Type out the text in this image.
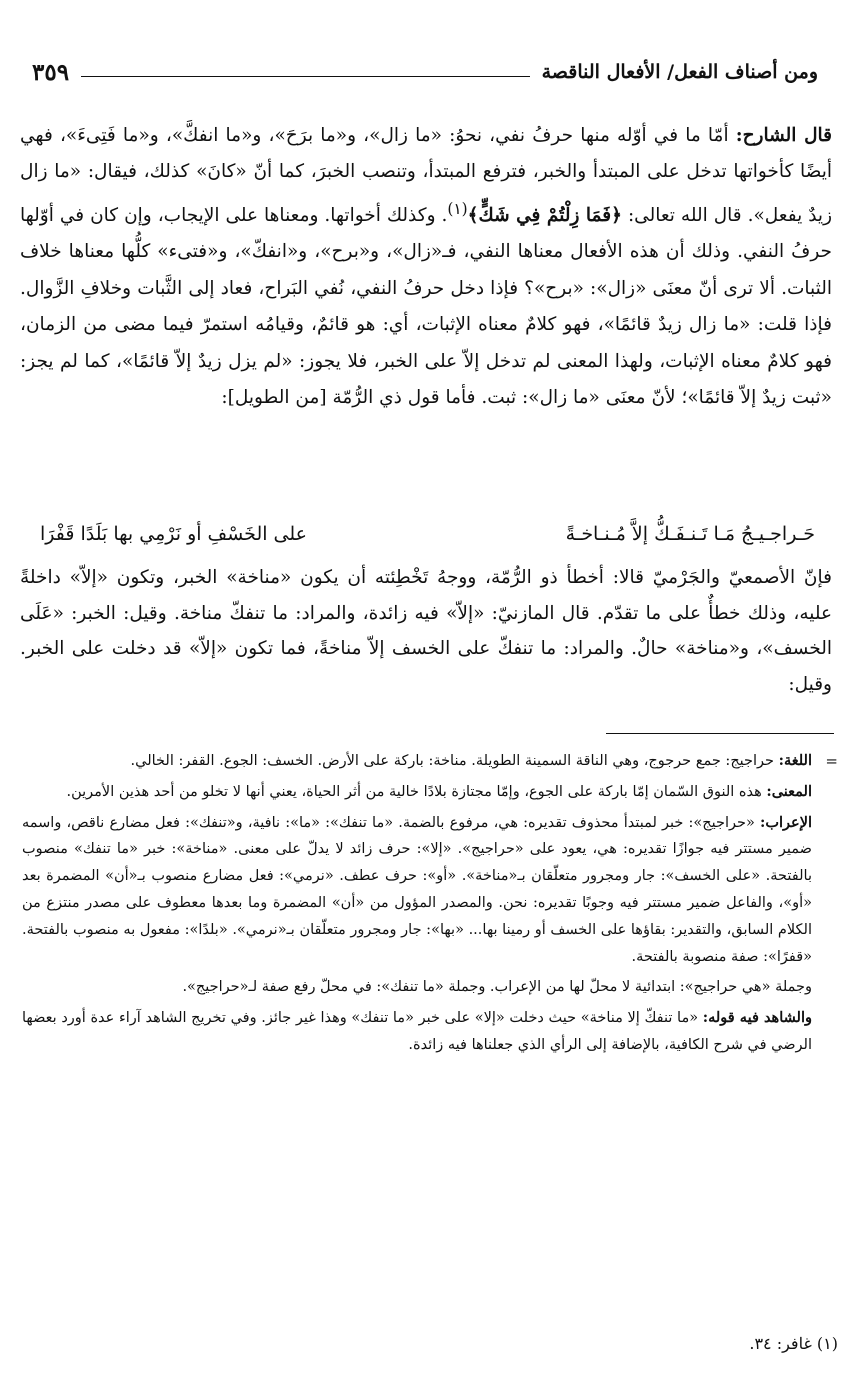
ومن أصناف الفعل/ الأفعال الناقصة
٣٥٩

قال الشارح: أمّا ما في أوّله منها حرفُ نفي، نحوُ: «ما زال»، و«ما برَحَ»، و«ما انفكَّ»، و«ما فَتِىءَ»، فهي أيضًا كأخواتها تدخل على المبتدأ والخبر، فترفع المبتدأ، وتنصب الخبرَ، كما أنّ «كانَ» كذلك، فيقال: «ما زال زيدٌ يفعل». قال الله تعالى: ﴿فَمَا زِلْتُمْ فِي شَكٍّ﴾$^{(١)}$. وكذلك أخواتها. ومعناها على الإيجاب، وإن كان في أوّلها حرفُ النفي. وذلك أن هذه الأفعال معناها النفي، فـ«زال»، و«برح»، و«انفكّ»، و«فتىء» كلُّها معناها خلاف الثبات. ألا ترى أنّ معنَى «زال»: «برح»؟ فإذا دخل حرفُ النفي، نُفي البَراح، فعاد إلى الثَّبات وخلافِ الزَّوال. فإذا قلت: «ما زال زيدٌ قائمًا»، فهو كلامٌ معناه الإثبات، أي: هو قائمٌ، وقيامُه استمرّ فيما مضى من الزمان، فهو كلامٌ معناه الإثبات، ولهذا المعنى لم تدخل إلاّ على الخبر، فلا يجوز: «لم يزل زيدٌ إلاّ قائمًا»، كما لم يجز: «ثبت زيدٌ إلاّ قائمًا»؛ لأنّ معنَى «ما زال»: ثبت. فأما قول ذي الرُّمّة [من الطويل]:

حَـراجـيـجُ مَـا تَـنـفَـكُّ إلاَّ مُـنـاخـةً
على الخَسْفِ أو نَرْمِي بها بَلَدًا قَفْرَا

فإنّ الأصمعيّ والجَرْميّ قالا: أخطأ ذو الرُّمّة، ووجهُ تَخْطِئته أن يكون «مناخة» الخبر، وتكون «إلاّ» داخلةً عليه، وذلك خطأٌ على ما تقدّم. قال المازنيّ: «إلاّ» فيه زائدة، والمراد: ما تنفكّ مناخة. وقيل: الخبر: «عَلَى الخسف»، و«مناخة» حالٌ. والمراد: ما تنفكّ على الخسف إلاّ مناخةً، فما تكون «إلاّ» قد دخلت على الخبر. وقيل:

=

اللغة: حراجيج: جمع حرجوج، وهي الناقة السمينة الطويلة. مناخة: باركة على الأرض. الخسف: الجوع. القفر: الخالي.

المعنى: هذه النوق السّمان إمّا باركة على الجوع، وإمّا مجتازة بلادًا خالية من أثر الحياة، يعني أنها لا تخلو من أحد هذين الأمرين.

الإعراب: «حراجيج»: خبر لمبتدأ محذوف تقديره: هي، مرفوع بالضمة. «ما تنفك»: «ما»: نافية، و«تنفك»: فعل مضارع ناقص، واسمه ضمير مستتر فيه جوازًا تقديره: هي، يعود على «حراجيج». «إلا»: حرف زائد لا يدلّ على معنى. «مناخة»: خبر «ما تنفك» منصوب بالفتحة. «على الخسف»: جار ومجرور متعلّقان بـ«مناخة». «أو»: حرف عطف. «نرمي»: فعل مضارع منصوب بـ«أن» المضمرة بعد «أو»، والفاعل ضمير مستتر فيه وجوبًا تقديره: نحن. والمصدر المؤول من «أن» المضمرة وما بعدها معطوف على مصدر منتزع من الكلام السابق، والتقدير: بقاؤها على الخسف أو رمينا بها... «بها»: جار ومجرور متعلّقان بـ«نرمي». «بلدًا»: مفعول به منصوب بالفتحة. «قفرًا»: صفة منصوبة بالفتحة.

وجملة «هي حراجيج»: ابتدائية لا محلّ لها من الإعراب. وجملة «ما تنفك»: في محلّ رفع صفة لـ«حراجيج».

والشاهد فيه قوله: «ما تنفكّ إلا مناخة» حيث دخلت «إلا» على خبر «ما تنفك» وهذا غير جائز. وفي تخريج الشاهد آراء عدة أورد بعضها الرضي في شرح الكافية، بالإضافة إلى الرأي الذي جعلناها فيه زائدة.

(١) غافر: ٣٤.
